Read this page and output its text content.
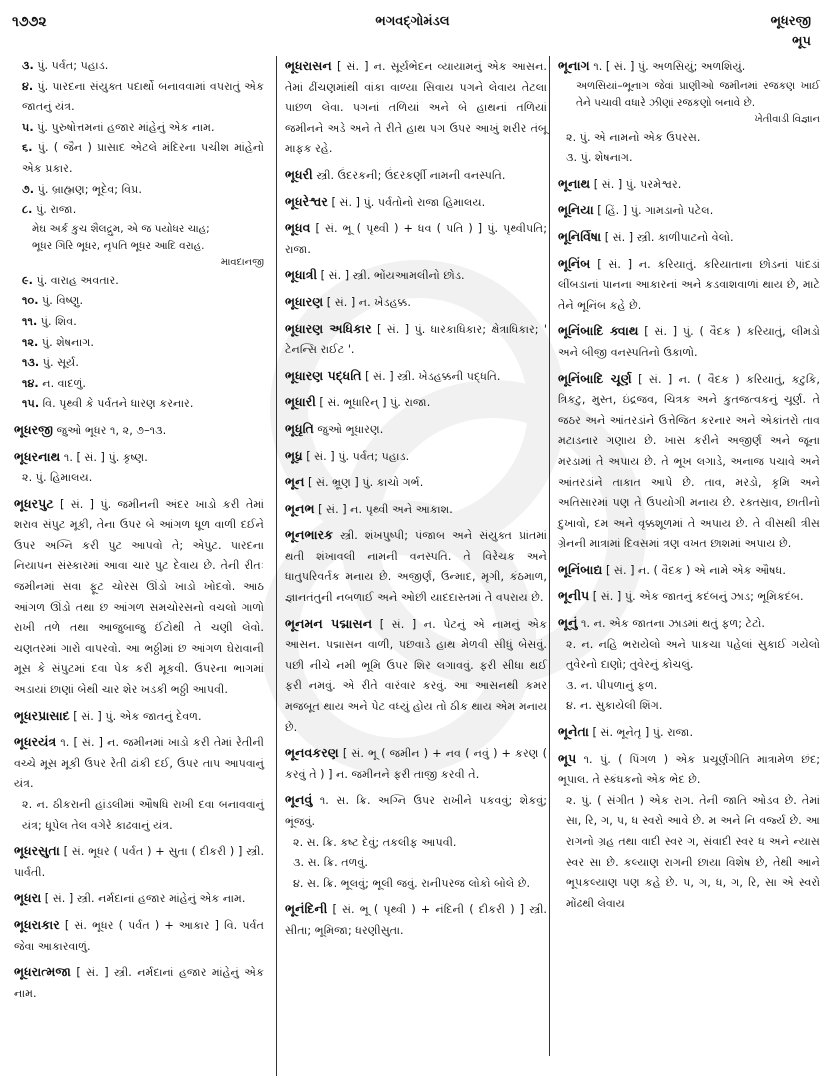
૧૭૭૨	ભગવદ્ગોમંડલ	ભૂધરજી
ભૂપ
૩. પું. પર્વત; પહાડ.
૪. પું. પારદના સંયુક્ત પદાર્થો બનાવવામાં વપરાતું એક જાતનું યંત્ર.
૫. પું. પુરુષોત્તમનાં હજાર માંહેનું એક નામ.
૬. પું. ( જૈન ) પ્રાસાદ એટલે મંદિરના પચીશ માંહેનો એક પ્રકાર.
૭. પું. બ્રાહ્મણ; ભૂદેવ; વિપ્ર.
૮. પું. રાજા.
મેઘ અર્ક કુચ શૈલદ્રુમ, એ જ પયોધર ચાહ;
ભૂધર ગિરિ ભૂધર, નૃપતિ ભૂધર આદિ વરાહ.
માવદાનજી
૯. પું. વારાહ અવતાર.
૧૦. પું. વિષ્ણુ.
૧૧. પું. શિવ.
૧૨. પું. શેષનાગ.
૧૩. પું. સૂર્ય.
૧૪. ન. વાદળું.
૧૫. વિ. પૃથ્વી કે પર્વતને ધારણ કરનાર.
ભૂધરજી જુઓ ભૂધર ૧, ૨, ૭–૧૩.
ભૂધરનાથ ૧. [ સં. ] પું. કૃષ્ણ.
૨. પું. હિમાલય.
ભૂધરપુટ [ સં. ] પું. જમીનની અંદર ખાડો કરી તેમાં શરાવ સંપુટ મૂકી, તેના ઉપર બે આંગળ ધૂળ વાળી દઈને ઉપર અગ્નિ કરી પુટ આપવો તે; એપુટ. પારદના નિયાપન સંસ્કારમાં આવા ચાર પુટ દેવાય છે. તેની રીતઃ જમીનમાં સવા ફૂટ ચોરસ ઊંડો ખાડો ખોદવો. આઠ આંગળ ઊંડો તથા છ આંગળ સમચોરસનો વચલો ગાળો રાખી તળે તથા આજુબાજુ ઈંટોથી તે ચણી લેવો. ચણતરમાં ગારો વાપરવો. આ ભઠ્ઠીમાં છ આંગળ ઘેરાવાની મૂસ કે સંપુટમાં દવા પેક કરી મૂકવી. ઉપરના ભાગમાં અડાયાં છાણાં બેથી ચાર શેર ખડકી ભઠ્ઠી આપવી.
ભૂધરપ્રાસાદ [ સં. ] પું. એક જાતનું દેવળ.
ભૂધરયંત્ર ૧. [ સં. ] ન. જમીનમાં ખાડો કરી તેમાં રેતીની વચ્ચે મૂસ મૂકી ઉપર રેતી ઢાંકી દઈ, ઉપર તાપ આપવાનું યંત્ર.
૨. ન. ઠીકરાની હાંડલીમાં ઔષધિ રાખી દવા બનાવવાનું યંત્ર; ધૂપેલ તેલ વગેરે કાઢવાનું યંત્ર.
ભૂધરસુતા [ સં. ભૂધર ( પર્વત ) + સુતા ( દીકરી ) ] સ્ત્રી. પાર્વતી.
ભૂધરા [ સં. ] સ્ત્રી. નર્મદાનાં હજાર માંહેનું એક નામ.
ભૂધરાકાર [ સં. ભૂધર ( પર્વત ) + આકાર ] વિ. પર્વત જેવા આકારવાળું.
ભૂધરાત્મજા [ સં. ] સ્ત્રી. નર્મદાનાં હજાર માંહેનું એક નામ.
ભૂધરાસન [ સં. ] ન. સૂર્યભેદન વ્યાયામનું એક આસન. તેમાં ઢીંચણમાંથી વાંકા વાળ્યા સિવાય પગને લેવાય તેટલા પાછળ લેવા. પગનાં તળિયાં અને બે હાથનાં તળિયાં જમીનને અડે અને તે રીતે હાથ પગ ઉપર આખું શરીર તંબૂ માફક રહે.
ભૂધરી સ્ત્રી. ઉંદરકની; ઉંદરકર્ણી નામની વનસ્પતિ.
ભૂધરેશ્વર [ સં. ] પું. પર્વતોનો રાજા હિમાલય.
ભૂધવ [ સં. ભૂ ( પૃથ્વી ) + ધવ ( પતિ ) ] પું. પૃથ્વીપતિ; રાજા.
ભૂધાત્રી [ સં. ] સ્ત્રી. ભોંયઆમલીનો છોડ.
ભૂધારણ [ સં. ] ન. ખેડહક્ક.
ભૂધારણ અધિકાર [ સં. ] પું. ધારકાધિકાર; ક્ષેત્રાધિકાર; ' ટેનન્સિ રાઈટ '.
ભૂધારણ પદ્ધતિ [ સં. ] સ્ત્રી. ખેડહક્કની પદ્ધતિ.
ભૂધારી [ સં. ભૂધારિન્ ] પું. રાજા.
ભૂધૃતિ જુઓ ભૂધારણ.
ભૂધ્ર [ સં. ] પું. પર્વત; પહાડ.
ભૂન [ સં. ભ્રૂણ ] પું. કાચો ગર્ભ.
ભૂનભ [ સં. ] ન. પૃથ્વી અને આકાશ.
ભૂનભારક સ્ત્રી. શંખપુષ્પી; પંજાબ અને સંયુક્ત પ્રાંતમાં થતી શંખાવલી નામની વનસ્પતિ. તે વિરેચક અને ધાતુપરિવર્તક મનાય છે. અજીર્ણ, ઉન્માદ, મૃગી, કંઠમાળ, જ્ઞાનતંતુની નબળાઈ અને ઓછી યાદદાસ્તમાં તે વપરાય છે.
ભૂનમન પદ્માસન [ સં. ] ન. પેટનું એ નામનું એક આસન. પદ્માસન વાળી, પછવાડે હાથ મેળવી સીધું બેસવું. પછી નીચે નમી ભૂમિ ઉપર શિર લગાવવું. ફરી સીધા થઈ ફરી નમવું. એ રીતે વારંવાર કરવું. આ આસનથી કમર મજબૂત થાય અને પેટ વધ્યું હોય તો ઠીક થાય એમ મનાય છે.
ભૂનવકરણ [ સં. ભૂ ( જમીન ) + નવ ( નવું ) + કરણ ( કરવું તે ) ] ન. જમીનને ફરી તાજી કરવી તે.
ભૂનવું ૧. સ. ક્રિ. અગ્નિ ઉપર રાખીને પકવવું; શેકવું; ભૂંજવું.
૨. સ. ક્રિ. કષ્ટ દેવું; તકલીફ આપવી.
૩. સ. ક્રિ. તળવું.
૪. સ. ક્રિ. ભૂલવું; ભૂલી જવું. રાનીપરજ લોકો બોલે છે.
ભૂનંદિની [ સં. ભૂ ( પૃથ્વી ) + નંદિની ( દીકરી ) ] સ્ત્રી. સીતા; ભૂમિજા; ધરણીસુતા.
ભૂનાગ ૧. [ સં. ] પું. અળસિયું; અળશિયું.
અળસિયાં–ભૂનાગ જેવાં પ્રાણીઓ જમીનમાં રજકણ ખાઈ તેને પચાવી વધારે ઝીણાં રજકણો બનાવે છે.
ખેતીવાડી વિજ્ઞાન
૨. પું. એ નામનો એક ઉપરસ.
૩. પું. શેષનાગ.
ભૂનાથ [ સં. ] પું. પરમેશ્વર.
ભૂનિયા [ હિં. ] પું. ગામડાનો પટેલ.
ભૂનિર્વિષા [ સં. ] સ્ત્રી. કાળીપાટનો વેલો.
ભૂનિંબ [ સં. ] ન. કરિયાતું. કરિયાતાના છોડનાં પાંદડાં લીંબડાનાં પાનના આકારનાં અને કડવાશવાળાં થાય છે, માટે તેને ભૂનિંબ કહે છે.
ભૂનિંબાદિ ક્વાથ [ સં. ] પું. ( વૈદક ) કરિયાતું, લીમડો અને બીજી વનસ્પતિનો ઉકાળો.
ભૂનિંબાદિ ચૂર્ણ [ સં. ] ન. ( વૈદક ) કરિયાતું, કટુકિ, ત્રિકટુ, મુસ્ત, ઇંદ્રજવ, ચિત્રક અને કુતજત્વકનું ચૂર્ણ. તે જઠર અને આંતરડાંને ઉત્તેજિત કરનાર અને એકાંતરો તાવ મટાડનાર ગણાય છે. ખાસ કરીને અજીર્ણ અને જૂના મરડામાં તે અપાય છે. તે ભૂખ લગાડે, અનાજ પચાવે અને આંતરડાંને તાકાત આપે છે. તાવ, મરડો, કૃમિ અને અતિસારમાં પણ તે ઉપયોગી મનાય છે. રક્તસ્રાવ, છાતીનો દુખાવો, દમ અને વૃક્કશૂળમાં તે અપાય છે. તે વીસથી ત્રીસ ગ્રેનની માત્રામાં દિવસમાં ત્રણ વખત છાશમાં અપાય છે.
ભૂનિંબાદ્ય [ સં. ] ન. ( વૈદક ) એ નામે એક ઔષધ.
ભૂનીપ [ સં. ] પું. એક જાતનું કદંબનું ઝાડ; ભૂમિકદંબ.
ભૂનું ૧. ન. એક જાતના ઝાડમાં થતું ફળ; ટેટો.
૨. ન. નહિ ભરાયેલો અને પાકચા પહેલાં સુકાઈ ગયેલો તુવેરનો દાણો; તુવેરનું કોચલું.
૩. ન. પીપળાનું ફળ.
૪. ન. સુકાયેલી શિંગ.
ભૂનેતા [ સં. ભૂનેતૃ ] પું. રાજા.
ભૂપ ૧. પું. ( પિંગળ ) એક પ્રચૂર્ણગીતિ માત્રામેળ છંદ; ભૂપાલ. તે સ્કંધકનો એક ભેદ છે.
૨. પું. ( સંગીત ) એક રાગ. તેની જાતિ ઓડવ છે. તેમાં સા, રિ, ગ, પ, ધ સ્વરો આવે છે. મ અને નિ વર્જ્ય છે. આ રાગનો ગ્રહ તથા વાદી સ્વર ગ, સંવાદી સ્વર ધ અને ન્યાસ સ્વર સા છે. કલ્યાણ રાગની છાયા વિશેષ છે, તેથી આને ભૂપકલ્યાણ પણ કહે છે. પ, ગ, ધ, ગ, રિ, સા એ સ્વરો મોંઢથી લેવાય
